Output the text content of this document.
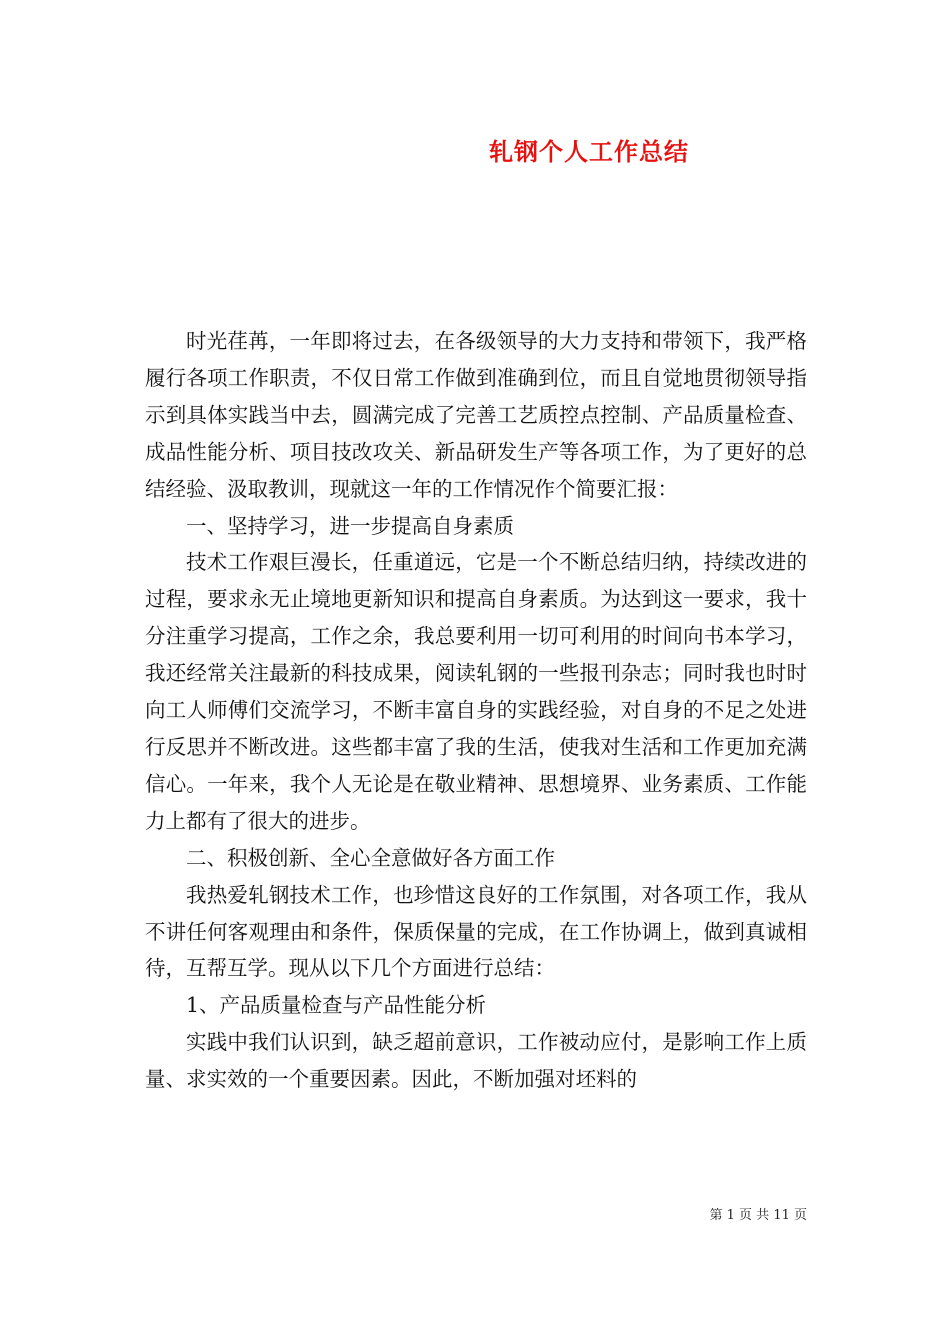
轧钢个人工作总结

时光荏苒，一年即将过去，在各级领导的大力支持和带领下，我严格履行各项工作职责，不仅日常工作做到准确到位，而且自觉地贯彻领导指示到具体实践当中去，圆满完成了完善工艺质控点控制、产品质量检查、成品性能分析、项目技改攻关、新品研发生产等各项工作，为了更好的总结经验、汲取教训，现就这一年的工作情况作个简要汇报：

一、坚持学习，进一步提高自身素质

技术工作艰巨漫长，任重道远，它是一个不断总结归纳，持续改进的过程，要求永无止境地更新知识和提高自身素质。为达到这一要求，我十分注重学习提高，工作之余，我总要利用一切可利用的时间向书本学习，我还经常关注最新的科技成果，阅读轧钢的一些报刊杂志；同时我也时时向工人师傅们交流学习，不断丰富自身的实践经验，对自身的不足之处进行反思并不断改进。这些都丰富了我的生活，使我对生活和工作更加充满信心。一年来，我个人无论是在敬业精神、思想境界、业务素质、工作能力上都有了很大的进步。

二、积极创新、全心全意做好各方面工作

我热爱轧钢技术工作，也珍惜这良好的工作氛围，对各项工作，我从不讲任何客观理由和条件，保质保量的完成，在工作协调上，做到真诚相待，互帮互学。现从以下几个方面进行总结：

1、产品质量检查与产品性能分析

实践中我们认识到，缺乏超前意识，工作被动应付，是影响工作上质量、求实效的一个重要因素。因此，不断加强对坯料的

第 1 页 共 11 页
